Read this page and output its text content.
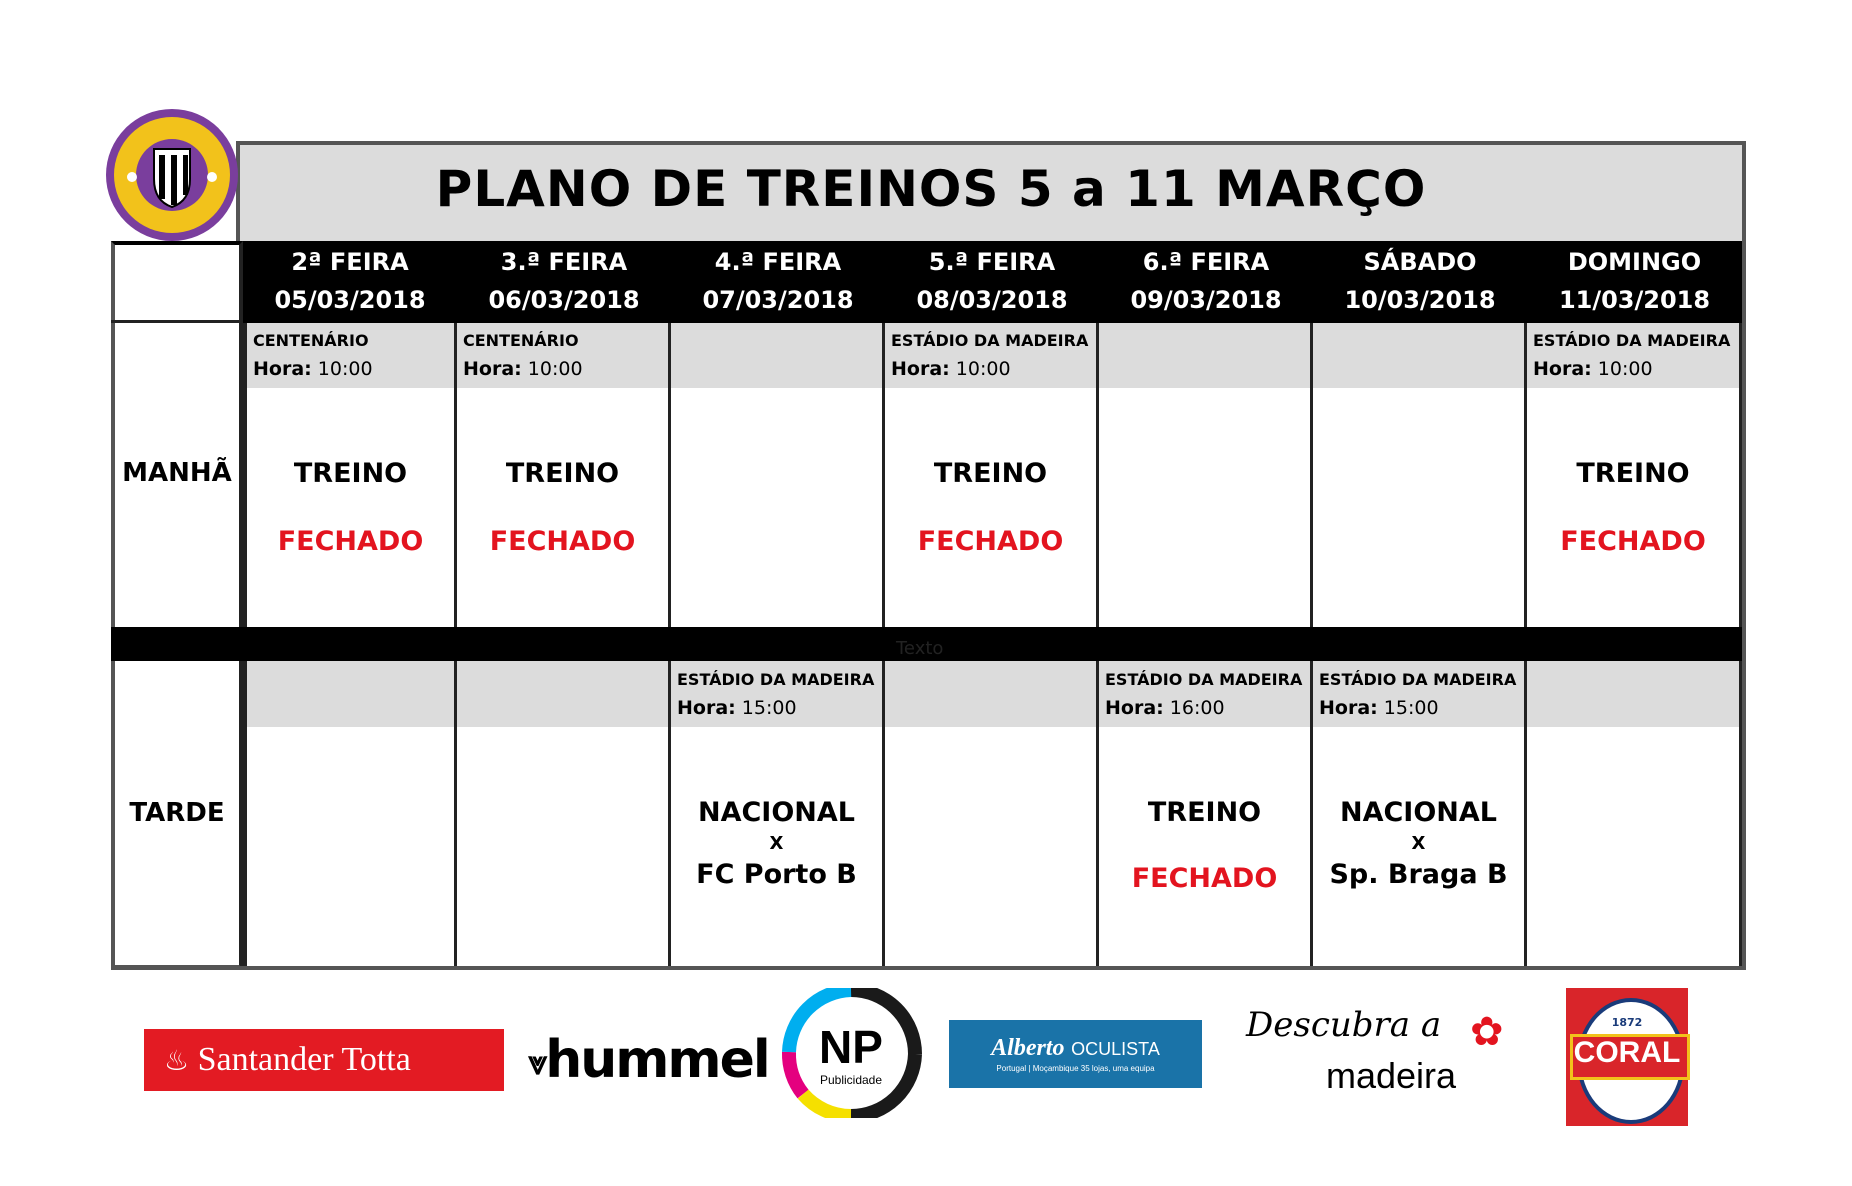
PLANO DE TREINOS 5 a 11 MARÇO
MANHÃ
TARDE
2ª FEIRA
05/03/2018
3.ª FEIRA
06/03/2018
4.ª FEIRA
07/03/2018
5.ª FEIRA
08/03/2018
6.ª FEIRA
09/03/2018
SÁBADO
10/03/2018
DOMINGO
11/03/2018
CENTENÁRIO
Hora: 10:00
TREINO
FECHADO
CENTENÁRIO
Hora: 10:00
TREINO
FECHADO
ESTÁDIO DA MADEIRA
Hora: 10:00
TREINO
FECHADO
ESTÁDIO DA MADEIRA
Hora: 10:00
TREINO
FECHADO
Texto
ESTÁDIO DA MADEIRA
Hora: 15:00
NACIONAL
X
FC Porto B
ESTÁDIO DA MADEIRA
Hora: 16:00
TREINO
FECHADO
ESTÁDIO DA MADEIRA
Hora: 15:00
NACIONAL
X
Sp. Braga B
♨ Santander Totta	⩔hummel NP
Publicidade
Alberto OCULISTA
Portugal | Moçambique 35 lojas, uma equipa
Descubra a
madeira
✿	1872
CORAL
